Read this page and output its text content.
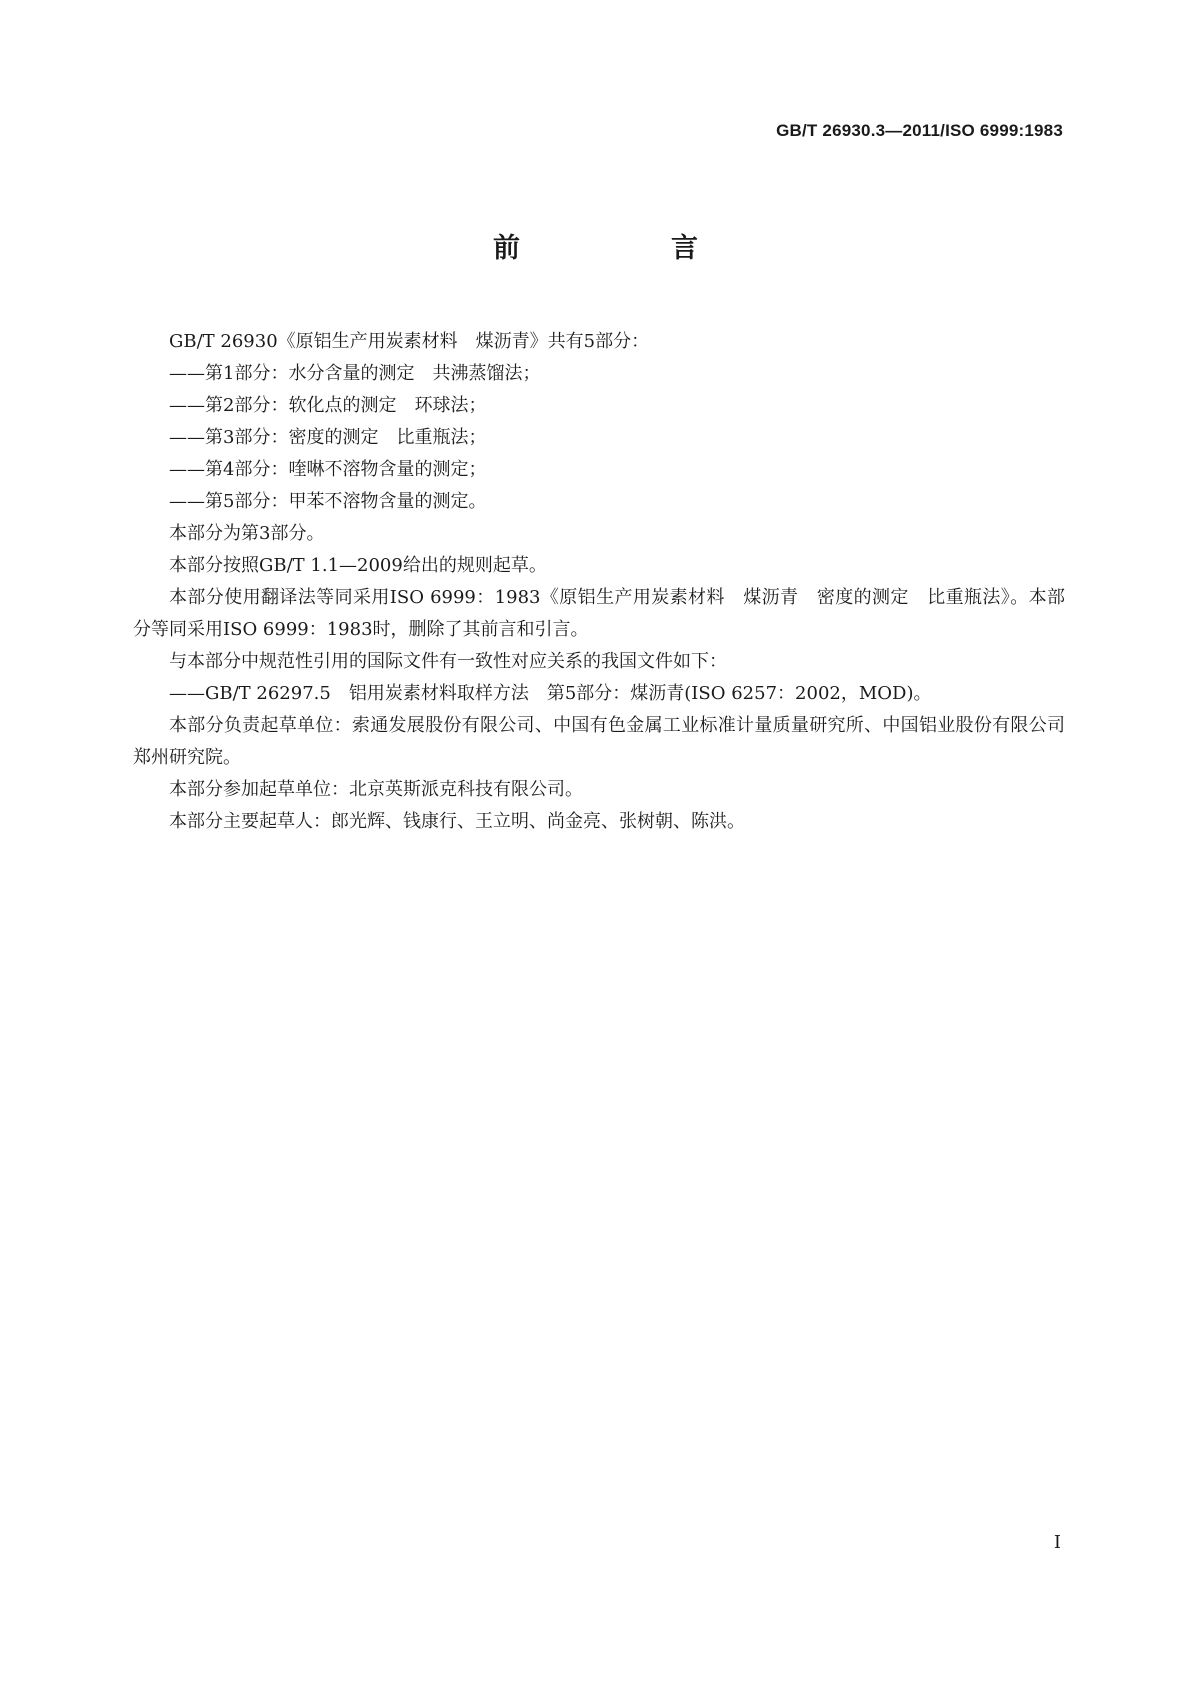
GB/T 26930.3—2011/ISO 6999:1983
前　言

GB/T 26930《原铝生产用炭素材料　煤沥青》共有5部分：

——第1部分：水分含量的测定　共沸蒸馏法；

——第2部分：软化点的测定　环球法；

——第3部分：密度的测定　比重瓶法；

——第4部分：喹啉不溶物含量的测定；

——第5部分：甲苯不溶物含量的测定。

本部分为第3部分。

本部分按照GB/T 1.1—2009给出的规则起草。

本部分使用翻译法等同采用ISO 6999：1983《原铝生产用炭素材料　煤沥青　密度的测定　比重瓶法》。本部分等同采用ISO 6999：1983时，删除了其前言和引言。

与本部分中规范性引用的国际文件有一致性对应关系的我国文件如下：

——GB/T 26297.5　铝用炭素材料取样方法　第5部分：煤沥青(ISO 6257：2002，MOD)。

本部分负责起草单位：索通发展股份有限公司、中国有色金属工业标准计量质量研究所、中国铝业股份有限公司郑州研究院。

本部分参加起草单位：北京英斯派克科技有限公司。

本部分主要起草人：郎光辉、钱康行、王立明、尚金亮、张树朝、陈洪。

I
